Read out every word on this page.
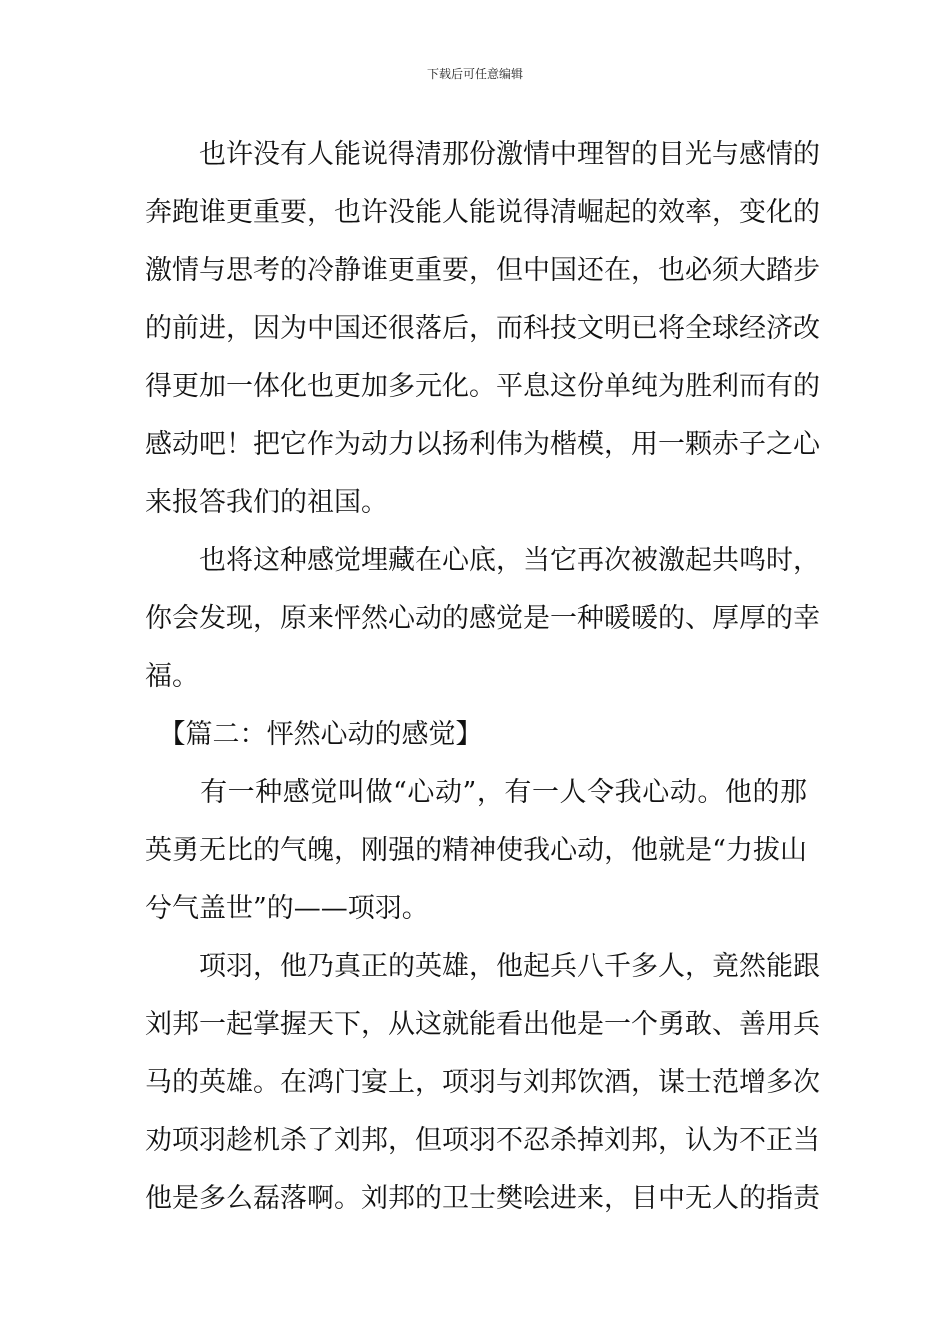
下载后可任意编辑
　　也许没有人能说得清那份激情中理智的目光与感情的
奔跑谁更重要，也许没能人能说得清崛起的效率，变化的
激情与思考的冷静谁更重要，但中国还在，也必须大踏步
的前进，因为中国还很落后，而科技文明已将全球经济改
得更加一体化也更加多元化。平息这份单纯为胜利而有的
感动吧！把它作为动力以扬利伟为楷模，用一颗赤子之心
来报答我们的祖国。
　　也将这种感觉埋藏在心底，当它再次被激起共鸣时，
你会发现，原来怦然心动的感觉是一种暖暖的、厚厚的幸
福。
　【篇二：怦然心动的感觉】
　　有一种感觉叫做“心动”，有一人令我心动。他的那
英勇无比的气魄，刚强的精神使我心动，他就是“力拔山
兮气盖世”的——项羽。
　　项羽，他乃真正的英雄，他起兵八千多人，竟然能跟
刘邦一起掌握天下，从这就能看出他是一个勇敢、善用兵
马的英雄。在鸿门宴上，项羽与刘邦饮酒，谋士范增多次
劝项羽趁机杀了刘邦，但项羽不忍杀掉刘邦，认为不正当
他是多么磊落啊。刘邦的卫士樊哙进来，目中无人的指责
